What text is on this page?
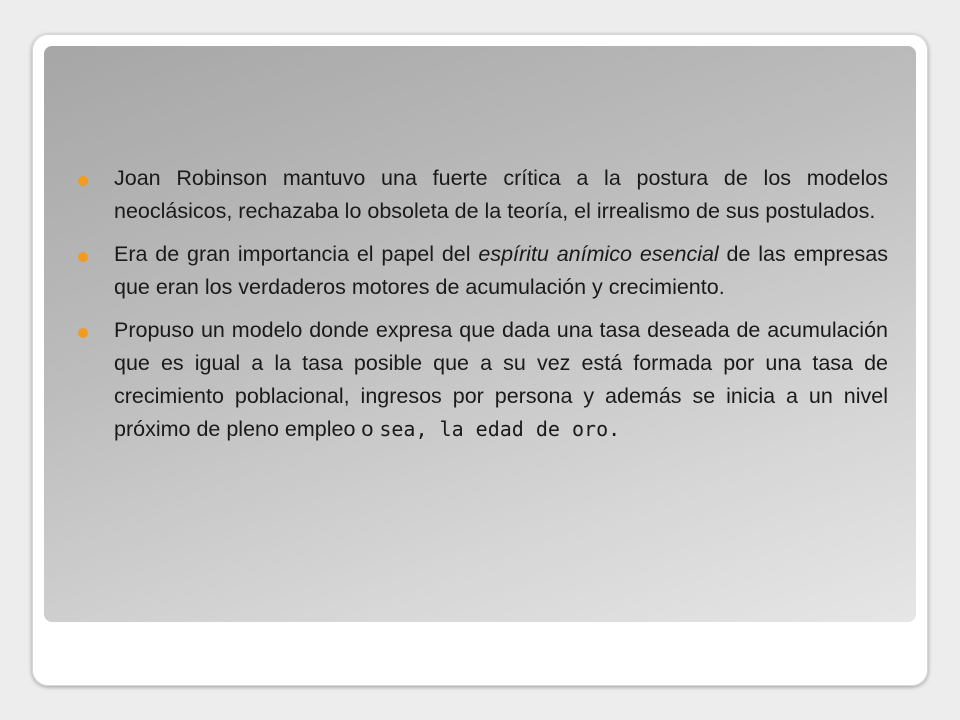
Joan Robinson mantuvo una fuerte crítica a la postura de los modelos neoclásicos, rechazaba lo obsoleta de la teoría, el irrealismo de sus postulados.
Era de gran importancia el papel del espíritu anímico esencial de las empresas que eran los verdaderos motores de acumulación y crecimiento.
Propuso un modelo donde expresa que dada una tasa deseada de acumulación que es igual a la tasa posible que a su vez está formada por una tasa de crecimiento poblacional, ingresos por persona y además se inicia a un nivel próximo de pleno empleo o sea, la edad de oro.
